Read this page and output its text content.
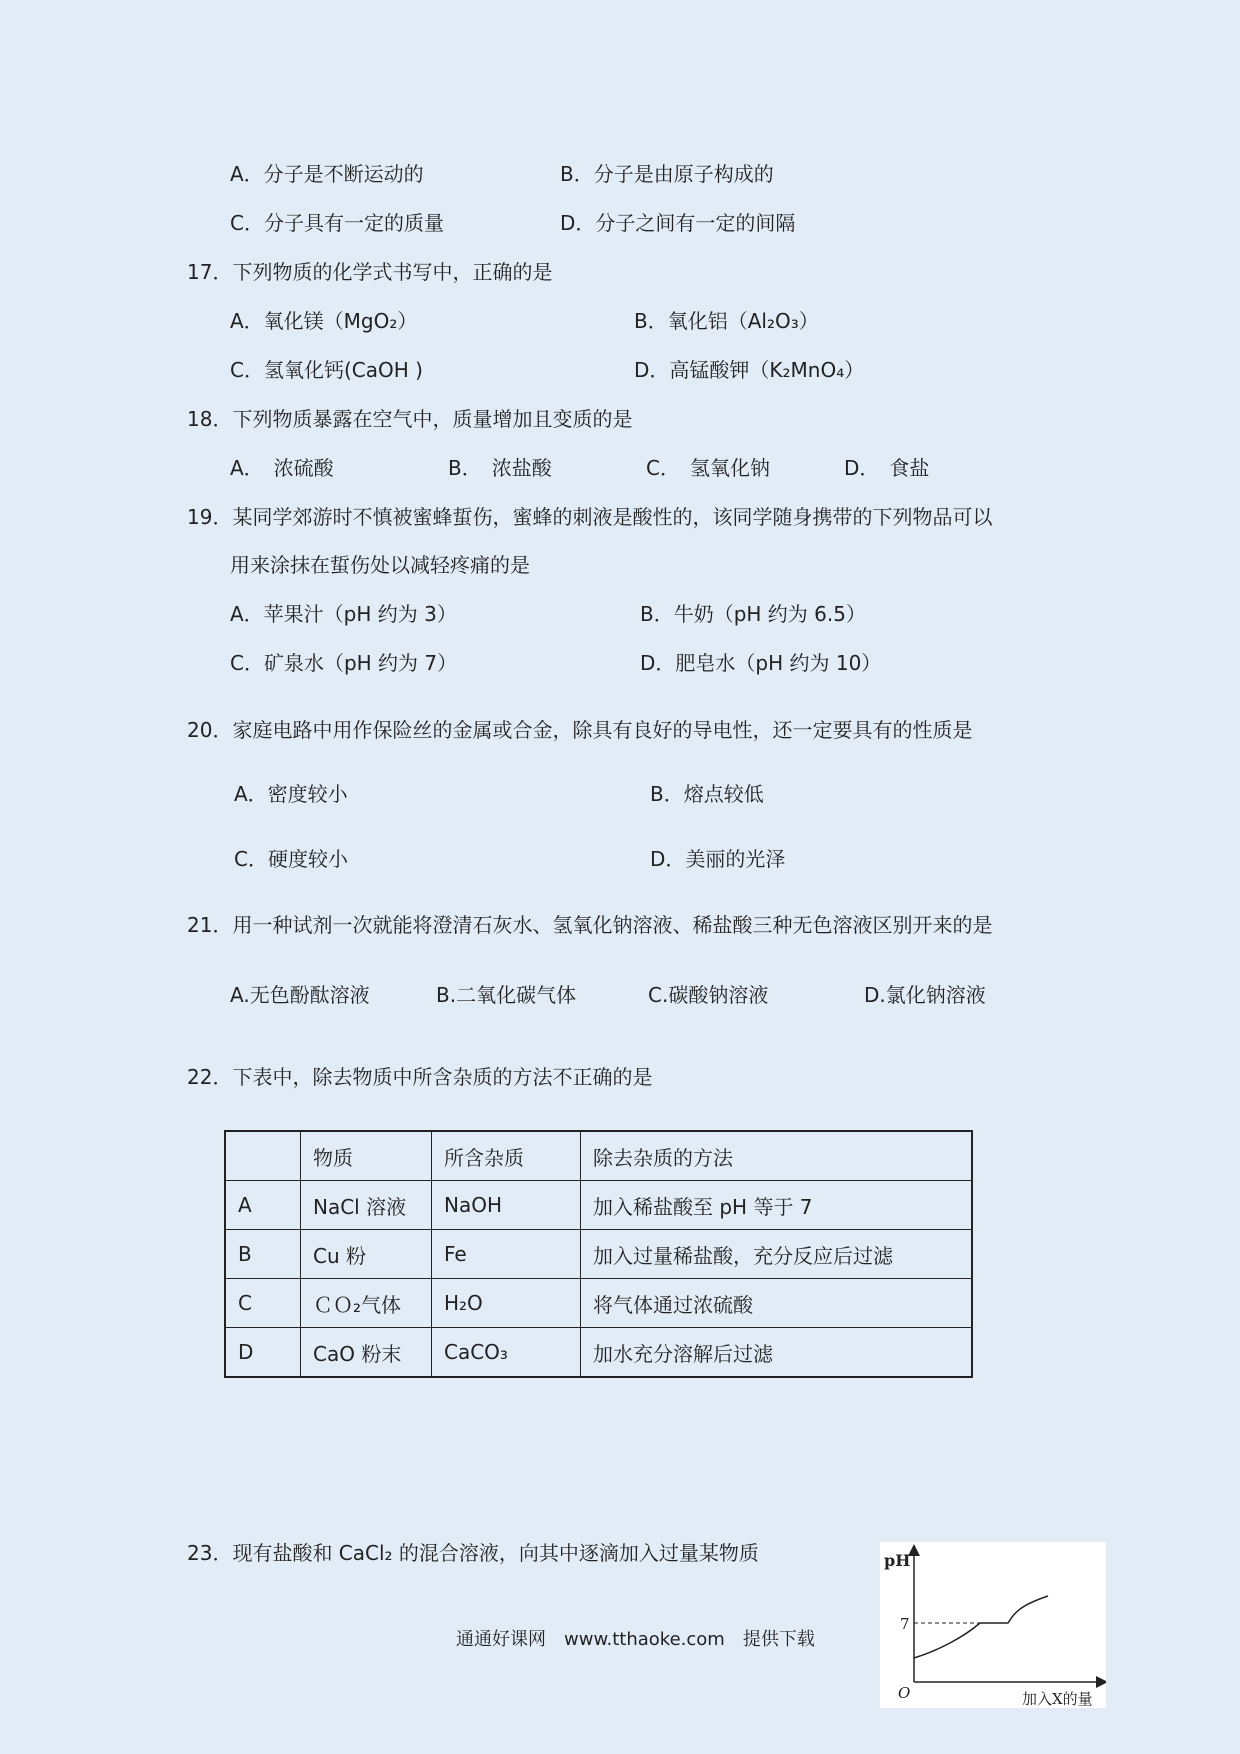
A．分子是不断运动的	B．分子是由原子构成的
C．分子具有一定的质量	D．分子之间有一定的间隔
17．下列物质的化学式书写中，正确的是
A．氧化镁（MgO₂）	B．氧化铝（Al₂O₃）
C．氢氧化钙(CaOH )	D．高锰酸钾（K₂MnO₄）
18．下列物质暴露在空气中，质量增加且变质的是
A．　浓硫酸	B．　浓盐酸	C．　氢氧化钠	D．　食盐
19．某同学郊游时不慎被蜜蜂蜇伤，蜜蜂的刺液是酸性的，该同学随身携带的下列物品可以
用来涂抹在蜇伤处以减轻疼痛的是
A．苹果汁（pH 约为 3）	B．牛奶（pH 约为 6.5）
C．矿泉水（pH 约为 7）	D．肥皂水（pH 约为 10）
20．家庭电路中用作保险丝的金属或合金，除具有良好的导电性，还一定要具有的性质是
A．密度较小	B．熔点较低
C．硬度较小	D．美丽的光泽
21．用一种试剂一次就能将澄清石灰水、氢氧化钠溶液、稀盐酸三种无色溶液区别开来的是
A.无色酚酞溶液	B.二氧化碳气体	C.碳酸钠溶液	D.氯化钠溶液
22．下表中，除去物质中所含杂质的方法不正确的是
	物质	所含杂质	除去杂质的方法
A	NaCl 溶液	NaOH	加入稀盐酸至 pH 等于 7
B	Cu 粉	Fe	加入过量稀盐酸，充分反应后过滤
C	ＣＯ₂气体	H₂O	将气体通过浓硫酸
D	CaO 粉末	CaCO₃	加水充分溶解后过滤
23．现有盐酸和 CaCl₂ 的混合溶液，向其中逐滴加入过量某物质	pH
7
O	加入X的量
通通好课网　www.tthaoke.com　提供下载
